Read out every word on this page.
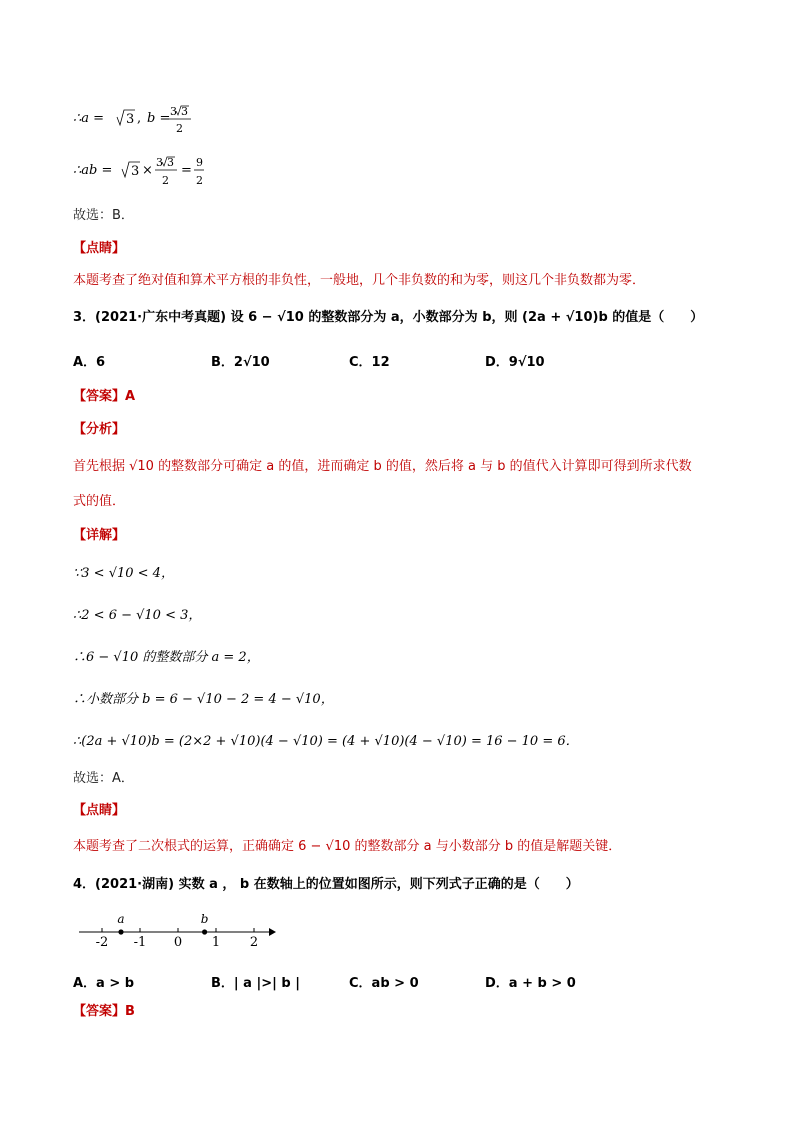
∴a = 3 , b = 3 3
2
∴ab = 3 ×
3 3
2
=
9
2
故选：B．
【点睛】
本题考查了绝对值和算术平方根的非负性，一般地，几个非负数的和为零，则这几个非负数都为零．
3．(2021·广东中考真题) 设 6 − √10 的整数部分为 a，小数部分为 b，则 (2a + √10)b 的值是（　　）
A．6	B．2√10	C．12	D．9√10
【答案】A
【分析】
首先根据 √10 的整数部分可确定 a 的值，进而确定 b 的值，然后将 a 与 b 的值代入计算即可得到所求代数
式的值．
【详解】
∵3 < √10 < 4，
∴2 < 6 − √10 < 3，
∴6 − √10 的整数部分 a = 2，
∴小数部分 b = 6 − √10 − 2 = 4 − √10，
∴(2a + √10)b = (2×2 + √10)(4 − √10) = (4 + √10)(4 − √10) = 16 − 10 = 6．
故选：A．
【点睛】
本题考查了二次根式的运算，正确确定 6 − √10 的整数部分 a 与小数部分 b 的值是解题关键．
4．(2021·湖南) 实数 a ， b 在数轴上的位置如图所示，则下列式子正确的是（　　）
-2 -1 0 1 2
a	b
A．a > b	B．| a |>| b |	C．ab > 0	D．a + b > 0
【答案】B
